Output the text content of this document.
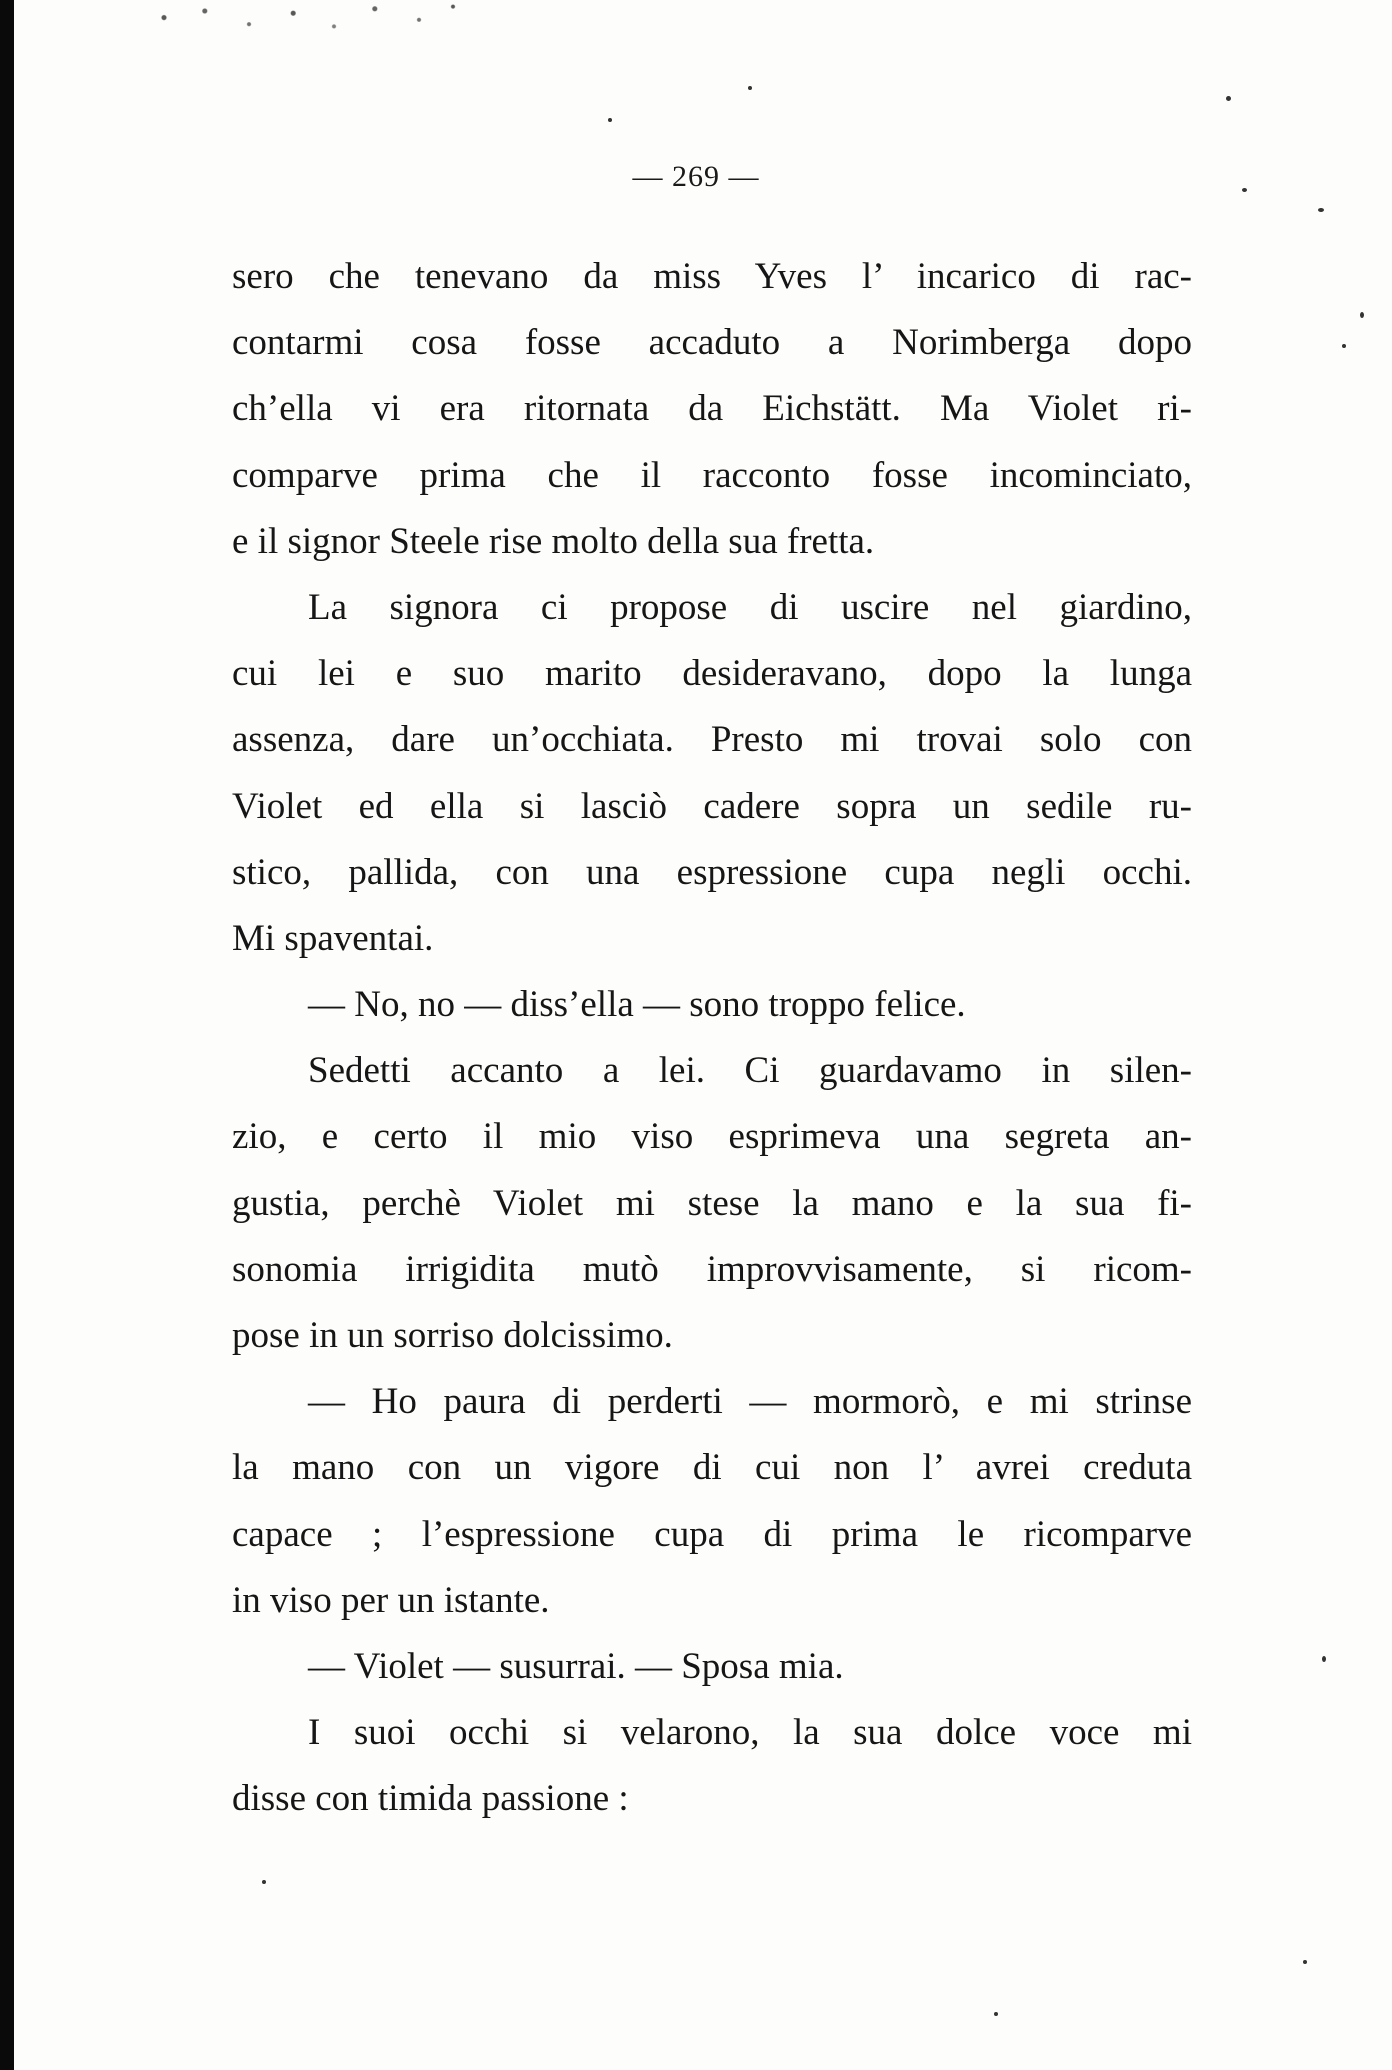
— 269 —
sero che tenevano da miss Yves l’ incarico di rac-
contarmi cosa fosse accaduto a Norimberga dopo
ch’ella vi era ritornata da Eichstätt. Ma Violet ri-
comparve prima che il racconto fosse incominciato,
e il signor Steele rise molto della sua fretta.
La signora ci propose di uscire nel giardino,
cui lei e suo marito desideravano, dopo la lunga
assenza, dare un’occhiata. Presto mi trovai solo con
Violet ed ella si lasciò cadere sopra un sedile ru-
stico, pallida, con una espressione cupa negli occhi.
Mi spaventai.
— No, no — diss’ella — sono troppo felice.
Sedetti accanto a lei. Ci guardavamo in silen-
zio, e certo il mio viso esprimeva una segreta an-
gustia, perchè Violet mi stese la mano e la sua fi-
sonomia irrigidita mutò improvvisamente, si ricom-
pose in un sorriso dolcissimo.
— Ho paura di perderti — mormorò, e mi strinse
la mano con un vigore di cui non l’ avrei creduta
capace ; l’espressione cupa di prima le ricomparve
in viso per un istante.
— Violet — susurrai. — Sposa mia.
I suoi occhi si velarono, la sua dolce voce mi
disse con timida passione :
